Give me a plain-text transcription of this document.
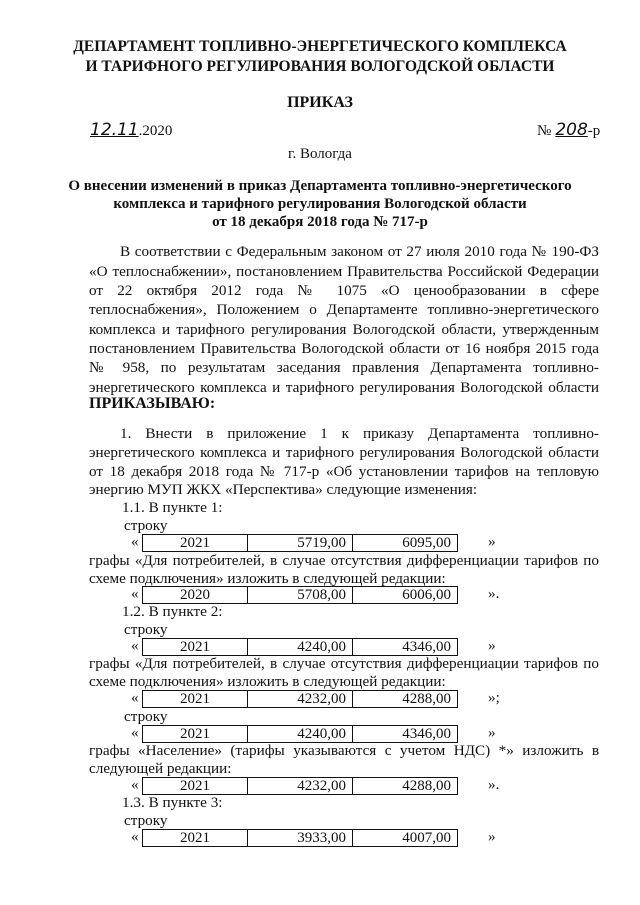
ДЕПАРТАМЕНТ ТОПЛИВНО-ЭНЕРГЕТИЧЕСКОГО КОМПЛЕКСА
И ТАРИФНОГО РЕГУЛИРОВАНИЯ ВОЛОГОДСКОЙ ОБЛАСТИ
ПРИКАЗ
12.11.2020	№ 208-р
г. Вологда
О внесении изменений в приказ Департамента топливно-энергетического
комплекса и тарифного регулирования Вологодской области
от 18 декабря 2018 года № 717-р
В соответствии с Федеральным законом от 27 июля 2010 года № 190-ФЗ
«О теплоснабжении», постановлением Правительства Российской Федерации
от 22 октября 2012 года № 1075 «О ценообразовании в сфере
теплоснабжения», Положением о Департаменте топливно-энергетического
комплекса и тарифного регулирования Вологодской области, утвержденным
постановлением Правительства Вологодской области от 16 ноября 2015 года
№ 958, по результатам заседания правления Департамента топливно-
энергетического комплекса и тарифного регулирования Вологодской области
ПРИКАЗЫВАЮ:
1. Внести в приложение 1 к приказу Департамента топливно-
энергетического комплекса и тарифного регулирования Вологодской области
от 18 декабря 2018 года № 717-р «Об установлении тарифов на тепловую
энергию МУП ЖКХ «Перспектива» следующие изменения:
1.1. В пункте 1:
строку
«	2021	5719,00	6095,00 »
графы «Для потребителей, в случае отсутствия дифференциации тарифов по
схеме подключения» изложить в следующей редакции:
«	2020	5708,00	6006,00 ».
1.2. В пункте 2:
строку
«	2021	4240,00	4346,00 »
графы «Для потребителей, в случае отсутствия дифференциации тарифов по
схеме подключения» изложить в следующей редакции:
«	2021	4232,00	4288,00 »;
строку
«	2021	4240,00	4346,00 »
графы «Население» (тарифы указываются с учетом НДС) *» изложить в
следующей редакции:
«	2021	4232,00	4288,00 ».
1.3. В пункте 3:
строку
«	2021	3933,00	4007,00 »
